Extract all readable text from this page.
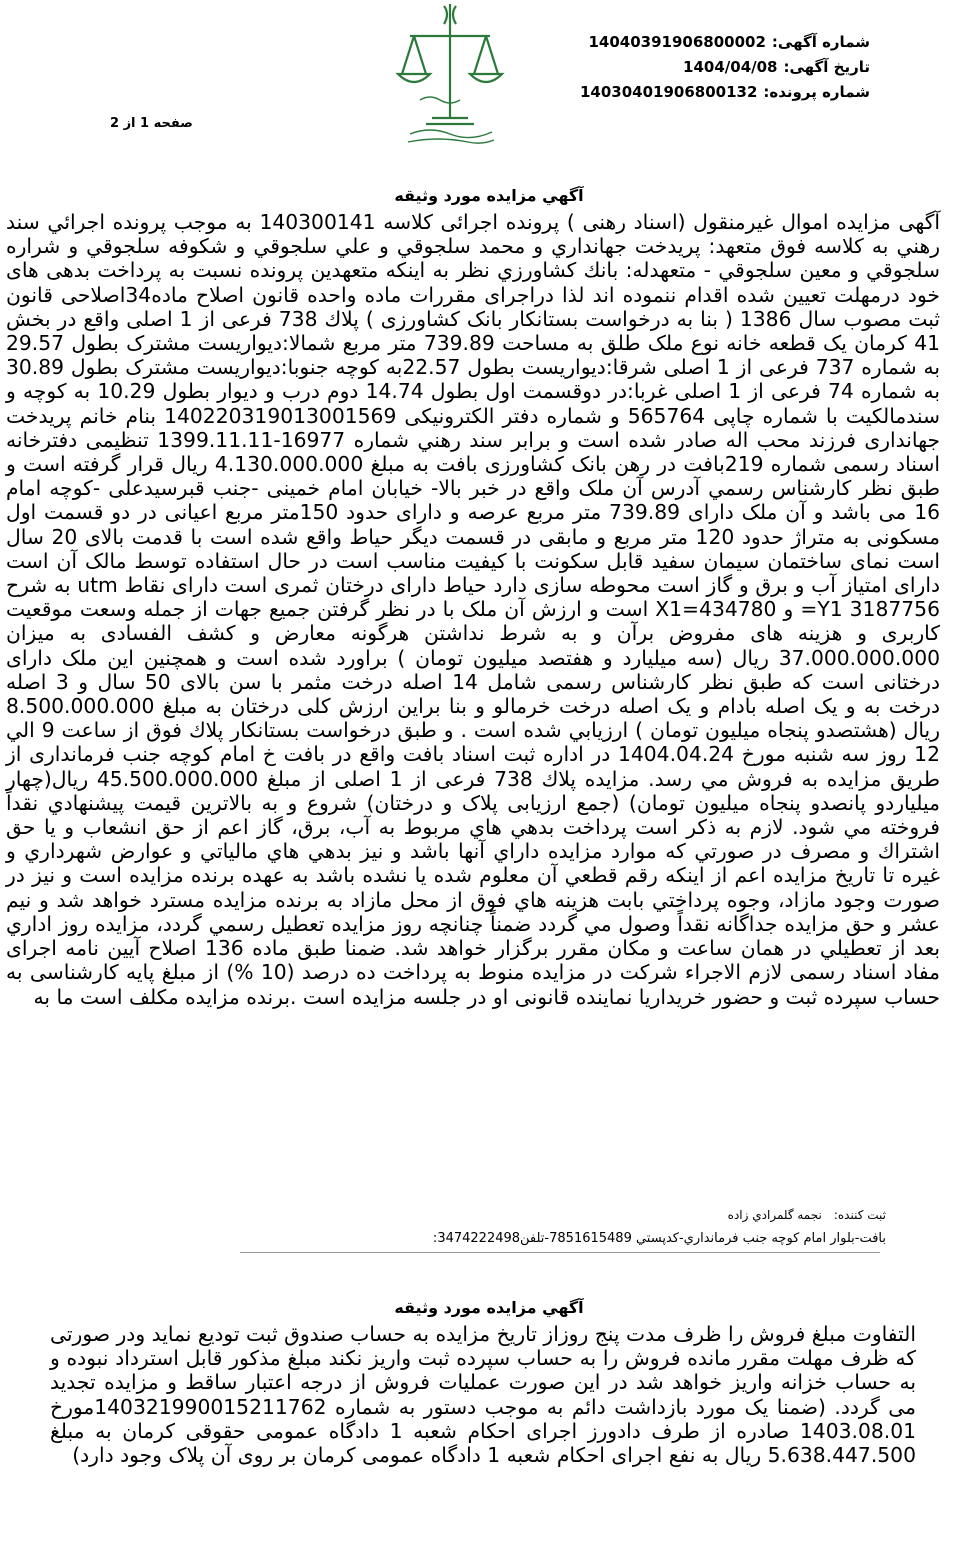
شماره آگهی:14040391906800002
تاریخ آگهی:1404/04/08
شماره پرونده:14030401906800132
صفحه 1 از 2
آگهي مزايده مورد وثيقه
آگهی مزایده اموال غیرمنقول (اسناد رهنی ) پرونده اجرائی کلاسه 140300141 به موجب پرونده اجرائي سند رهني به كلاسه فوق متعهد: پريدخت جهانداري و محمد سلجوقي و علي سلجوقي و شکوفه سلجوقي و شراره سلجوقي و معين سلجوقي - متعهدله: بانك كشاورزي نظر به اینکه متعهدین پرونده نسبت به پرداخت بدهی های خود درمهلت تعیین شده اقدام ننموده اند لذا دراجرای مقررات ماده واحده قانون اصلاح ماده34اصلاحی قانون ثبت مصوب سال 1386 ( بنا به درخواست بستانکار بانک کشاورزی ) پلاك 738 فرعی از 1 اصلی واقع در بخش 41 کرمان یک قطعه خانه نوع ملک طلق به مساحت 739.89 متر مربع شمالا:دیواریست مشترک بطول 29.57 به شماره 737 فرعی از 1 اصلی شرقا:دیواریست بطول 22.57به کوچه جنوبا:دیواریست مشترک بطول 30.89 به شماره 74 فرعی از 1 اصلی غربا:در دوقسمت اول بطول 14.74 دوم درب و دیوار بطول 10.29 به کوچه و سندمالکیت با شماره چاپی 565764 و شماره دفتر الکترونیکی 140220319013001569 بنام خانم پریدخت جهانداری فرزند محب اله صادر شده است و برابر سند رهني شماره 16977-1399.11.11 تنظیمی دفترخانه اسناد رسمی شماره 219بافت در رهن بانک کشاورزی بافت به مبلغ 4.130.000.000 ریال قرار گرفته است و طبق نظر کارشناس رسمي آدرس آن ملک واقع در خبر بالا- خیابان امام خمینی -جنب قبرسیدعلی -کوچه امام 16 می باشد و آن ملک دارای 739.89 متر مربع عرصه و دارای حدود 150متر مربع اعیانی در دو قسمت اول مسکونی به متراژ حدود 120 متر مربع و مابقی در قسمت دیگر حیاط واقع شده است با قدمت بالای 20 سال است نمای ساختمان سیمان سفید قابل سکونت با کیفیت مناسب است در حال استفاده توسط مالک آن است دارای امتیاز آب و برق و گاز است محوطه سازی دارد حیاط دارای درختان ثمری است دارای نقاط utm به شرح Y1 3187756= و X1=434780 است و ارزش آن ملک با در نظر گرفتن جمیع جهات از جمله وسعت موقعیت کاربری و هزینه های مفروض برآن و به شرط نداشتن هرگونه معارض و کشف الفسادی به میزان 37.000.000.000 ریال (سه میلیارد و هفتصد میلیون تومان ) براورد شده است و همچنین این ملک دارای درختانی است که طبق نظر کارشناس رسمی شامل 14 اصله درخت مثمر با سن بالای 50 سال و 3 اصله درخت به و یک اصله بادام و یک اصله درخت خرمالو و بنا براین ارزش کلی درختان به مبلغ 8.500.000.000 ريال (هشتصدو پنجاه میلیون تومان ) ارزيابي شده است . و طبق درخواست بستانكار پلاك فوق از ساعت 9 الي 12 روز سه شنبه مورخ 1404.04.24 در اداره ثبت اسناد بافت واقع در بافت خ امام کوچه جنب فرمانداری از طريق مزايده به فروش مي رسد. مزايده پلاك 738 فرعی از 1 اصلی از مبلغ 45.500.000.000 ریال(چهار میلیاردو پانصدو پنجاه میلیون تومان) (جمع ارزیابی پلاک و درختان) شروع و به بالاترين قيمت پيشنهادي نقداً فروخته مي شود. لازم به ذكر است پرداخت بدهي هاي مربوط به آب، برق، گاز اعم از حق انشعاب و يا حق اشتراك و مصرف در صورتي كه موارد مزايده داراي آنها باشد و نيز بدهي هاي مالياتي و عوارض شهرداري و غيره تا تاريخ مزايده اعم از اينكه رقم قطعي آن معلوم شده يا نشده باشد به عهده برنده مزايده است و نيز در صورت وجود مازاد، وجوه پرداختي بابت هزينه هاي فوق از محل مازاد به برنده مزايده مسترد خواهد شد و نيم عشر و حق مزايده جداگانه نقداً وصول مي گردد ضمناً چنانچه روز مزايده تعطيل رسمي گردد، مزايده روز اداري بعد از تعطيلي در همان ساعت و مكان مقرر برگزار خواهد شد. ضمنا طبق ماده 136 اصلاح آیین نامه اجرای مفاد اسناد رسمی لازم الاجراء شرکت در مزایده منوط به پرداخت ده درصد (10 %) از مبلغ پایه کارشناسی به حساب سپرده ثبت و حضور خریداریا نماینده قانونی او در جلسه مزایده است .برنده مزایده مکلف است ما به
ثبت كننده:نجمه گلمرادي زاده
بافت-بلوار امام کوچه جنب فرمانداري-کدپستي 7851615489-تلفن3474222498:
آگهي مزايده مورد وثيقه
التفاوت مبلغ فروش را ظرف مدت پنج روزاز تاریخ مزایده به حساب صندوق ثبت تودیع نماید ودر صورتی که ظرف مهلت مقرر مانده فروش را به حساب سپرده ثبت واریز نکند مبلغ مذکور قابل استرداد نبوده و به حساب خزانه واریز خواهد شد در این صورت عملیات فروش از درجه اعتبار ساقط و مزایده تجدید می گردد. (ضمنا یک مورد بازداشت دائم به موجب دستور به شماره 140321990015211762مورخ 1403.08.01 صادره از طرف دادورز اجرای احکام شعبه 1 دادگاه عمومی حقوقی کرمان به مبلغ 5.638.447.500 ریال به نفع اجرای احکام شعبه 1 دادگاه عمومی کرمان بر روی آن پلاک وجود دارد)
